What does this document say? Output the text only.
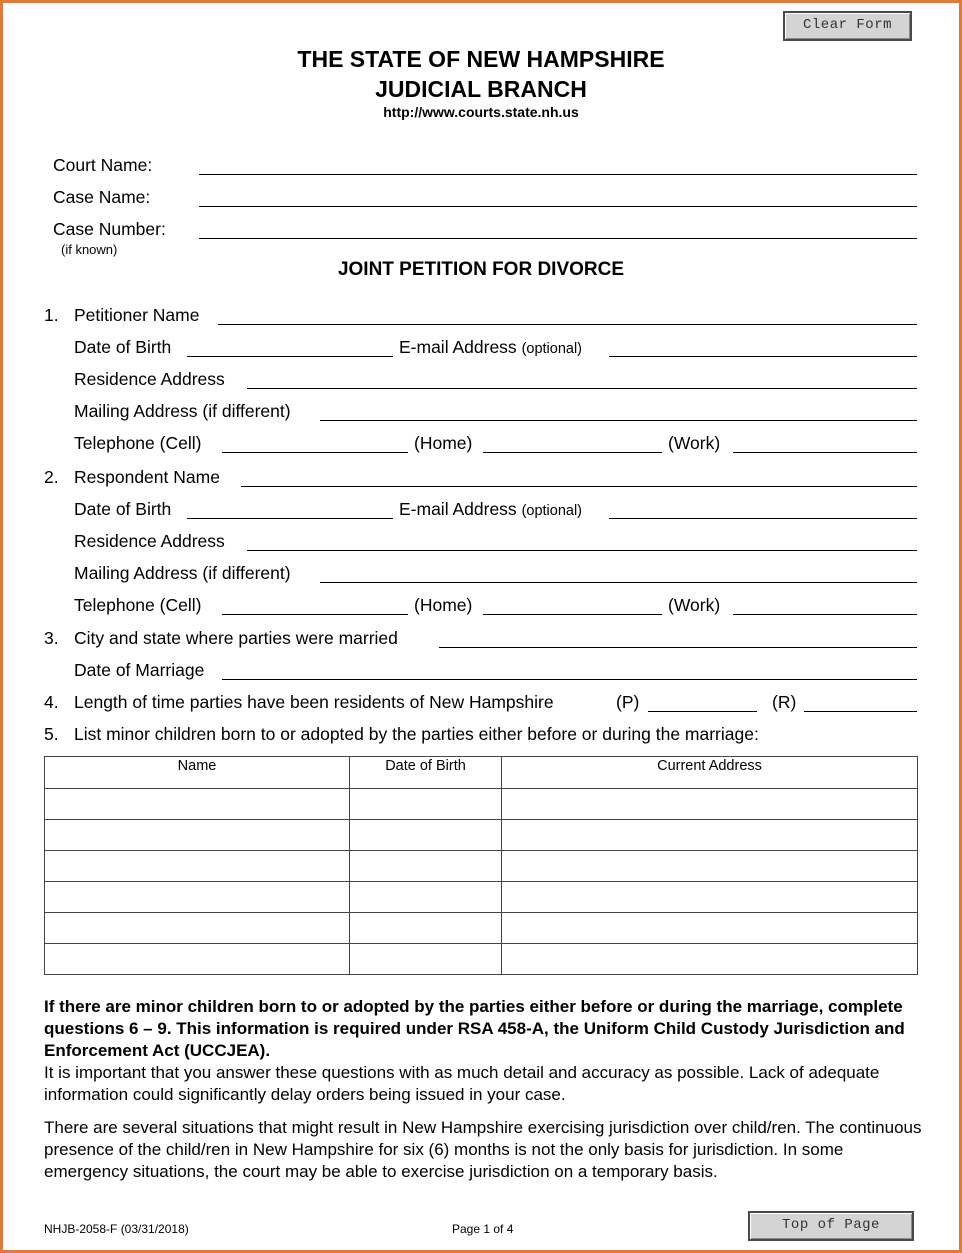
Clear Form
THE STATE OF NEW HAMPSHIRE
JUDICIAL BRANCH
http://www.courts.state.nh.us
Court Name:
Case Name:
Case Number:
(if known)
JOINT PETITION FOR DIVORCE
1. Petitioner Name
Date of Birth	E-mail Address (optional)
Residence Address
Mailing Address (if different)
Telephone (Cell)	(Home)	(Work)
2. Respondent Name
Date of Birth	E-mail Address (optional)
Residence Address
Mailing Address (if different)
Telephone (Cell)	(Home)	(Work)
3. City and state where parties were married
Date of Marriage
4. Length of time parties have been residents of New Hampshire	(P)	(R)
5. List minor children born to or adopted by the parties either before or during the marriage:
Name	Date of Birth	Current Address

If there are minor children born to or adopted by the parties either before or during the marriage, complete questions 6 – 9. This information is required under RSA 458-A, the Uniform Child Custody Jurisdiction and Enforcement Act (UCCJEA).
It is important that you answer these questions with as much detail and accuracy as possible. Lack of adequate information could significantly delay orders being issued in your case.
There are several situations that might result in New Hampshire exercising jurisdiction over child/ren. The continuous presence of the child/ren in New Hampshire for six (6) months is not the only basis for jurisdiction. In some emergency situations, the court may be able to exercise jurisdiction on a temporary basis.
NHJB-2058-F (03/31/2018)	Page 1 of 4	Top of Page
